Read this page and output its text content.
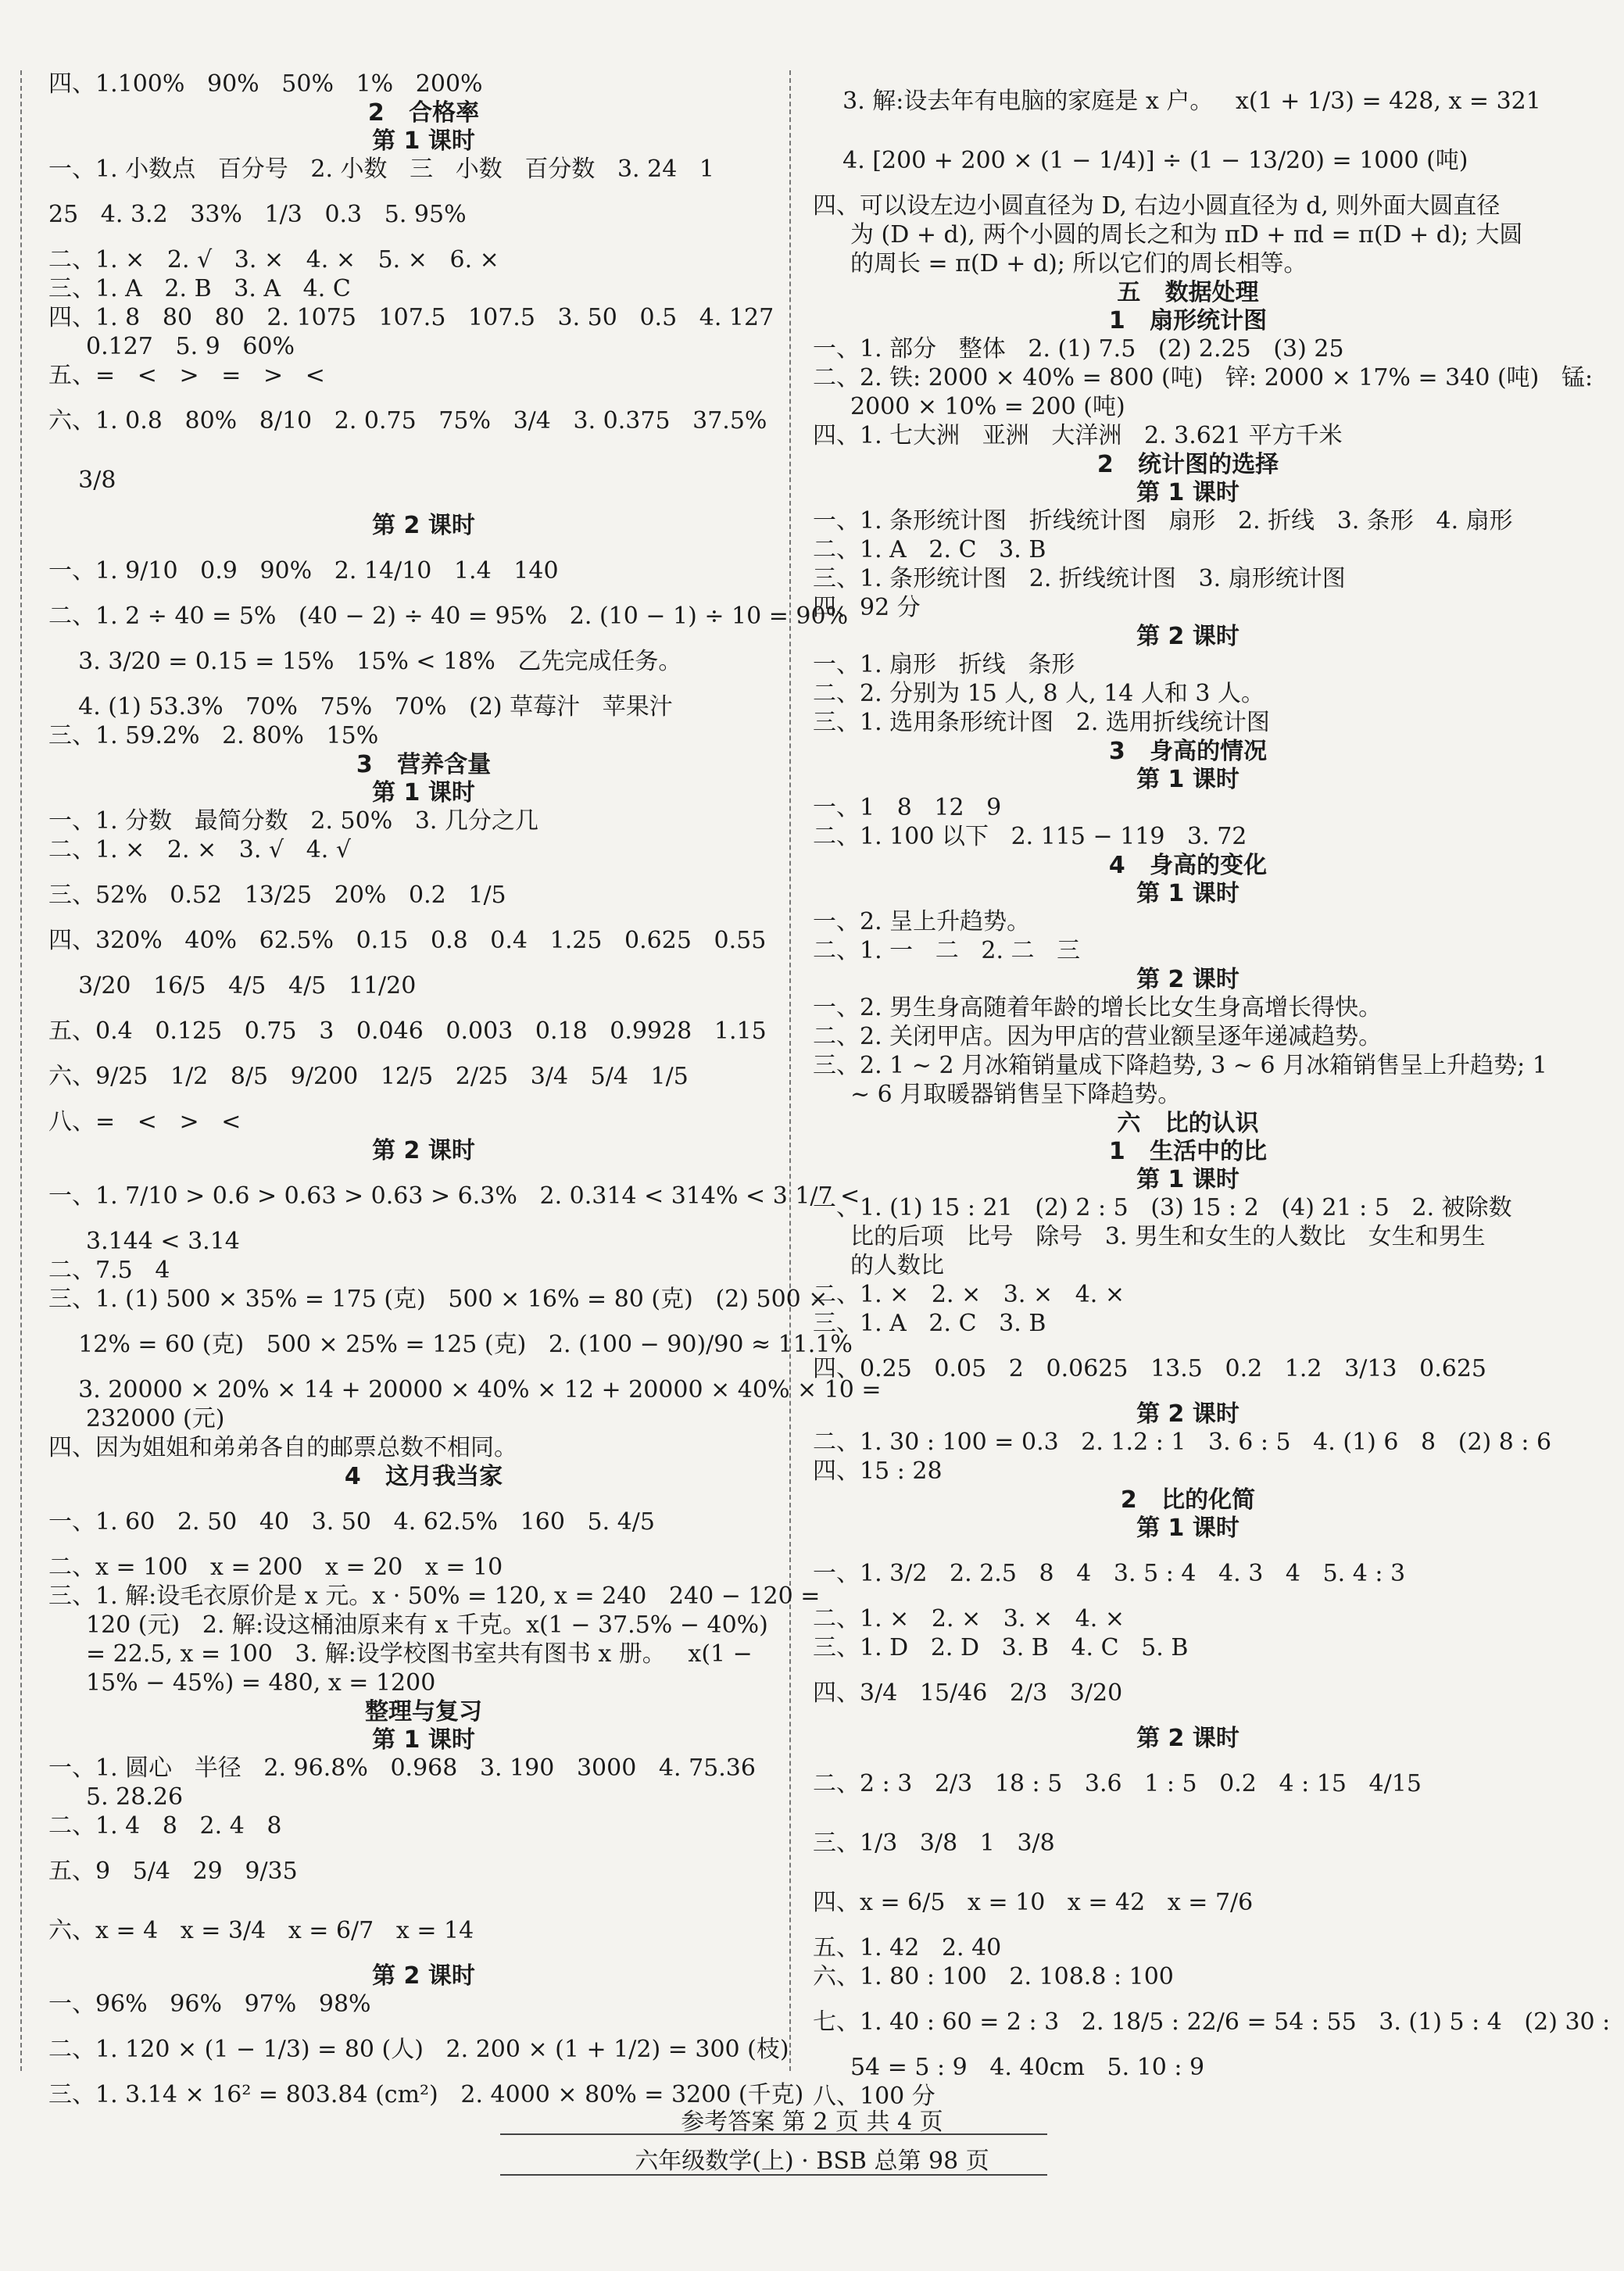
四、1.100%   90%   50%   1%   200%
2   合格率
第 1 课时
一、1. 小数点   百分号   2. 小数   三   小数   百分数   3. 24   1
25   4. 3.2   33%   1/3   0.3   5. 95%
二、1. ×   2. √   3. ×   4. ×   5. ×   6. ×
三、1. A   2. B   3. A   4. C
四、1. 8   80   80   2. 1075   107.5   107.5   3. 50   0.5   4. 127
0.127   5. 9   60%
五、=   <   >   =   >   <
六、1. 0.8   80%   8/10   2. 0.75   75%   3/4   3. 0.375   37.5%
3/8
第 2 课时
一、1. 9/10   0.9   90%   2. 14/10   1.4   140
二、1. 2 ÷ 40 = 5%   (40 − 2) ÷ 40 = 95%   2. (10 − 1) ÷ 10 = 90%
3. 3/20 = 0.15 = 15%   15% < 18%   乙先完成任务。
4. (1) 53.3%   70%   75%   70%   (2) 草莓汁   苹果汁
三、1. 59.2%   2. 80%   15%
3   营养含量
第 1 课时
一、1. 分数   最简分数   2. 50%   3. 几分之几
二、1. ×   2. ×   3. √   4. √
三、52%   0.52   13/25   20%   0.2   1/5
四、320%   40%   62.5%   0.15   0.8   0.4   1.25   0.625   0.55
3/20   16/5   4/5   4/5   11/20
五、0.4   0.125   0.75   3   0.046   0.003   0.18   0.9928   1.15
六、9/25   1/2   8/5   9/200   12/5   2/25   3/4   5/4   1/5
八、=   <   >   <
第 2 课时
一、1. 7/10 > 0.6 > 0.63 > 0.63 > 6.3%   2. 0.314 < 314% < 3 1/7 <
3.144 < 3.14
二、7.5   4
三、1. (1) 500 × 35% = 175 (克)   500 × 16% = 80 (克)   (2) 500 ×
12% = 60 (克)   500 × 25% = 125 (克)   2. (100 − 90)/90 ≈ 11.1%
3. 20000 × 20% × 14 + 20000 × 40% × 12 + 20000 × 40% × 10 =
232000 (元)
四、因为姐姐和弟弟各自的邮票总数不相同。
4   这月我当家
一、1. 60   2. 50   40   3. 50   4. 62.5%   160   5. 4/5
二、x = 100   x = 200   x = 20   x = 10
三、1. 解:设毛衣原价是 x 元。x · 50% = 120, x = 240   240 − 120 =
120 (元)   2. 解:设这桶油原来有 x 千克。x(1 − 37.5% − 40%)
= 22.5, x = 100   3. 解:设学校图书室共有图书 x 册。   x(1 −
15% − 45%) = 480, x = 1200
整理与复习
第 1 课时
一、1. 圆心   半径   2. 96.8%   0.968   3. 190   3000   4. 75.36
5. 28.26
二、1. 4   8   2. 4   8
五、9   5/4   29   9/35
六、x = 4   x = 3/4   x = 6/7   x = 14
第 2 课时
一、96%   96%   97%   98%
二、1. 120 × (1 − 1/3) = 80 (人)   2. 200 × (1 + 1/2) = 300 (枝)
三、1. 3.14 × 16² = 803.84 (cm²)   2. 4000 × 80% = 3200 (千克)
3. 解:设去年有电脑的家庭是 x 户。   x(1 + 1/3) = 428, x = 321
4. [200 + 200 × (1 − 1/4)] ÷ (1 − 13/20) = 1000 (吨)
四、可以设左边小圆直径为 D, 右边小圆直径为 d, 则外面大圆直径
为 (D + d), 两个小圆的周长之和为 πD + πd = π(D + d); 大圆
的周长 = π(D + d); 所以它们的周长相等。
五   数据处理
1   扇形统计图
一、1. 部分   整体   2. (1) 7.5   (2) 2.25   (3) 25
二、2. 铁: 2000 × 40% = 800 (吨)   锌: 2000 × 17% = 340 (吨)   锰:
2000 × 10% = 200 (吨)
四、1. 七大洲   亚洲   大洋洲   2. 3.621 平方千米
2   统计图的选择
第 1 课时
一、1. 条形统计图   折线统计图   扇形   2. 折线   3. 条形   4. 扇形
二、1. A   2. C   3. B
三、1. 条形统计图   2. 折线统计图   3. 扇形统计图
四、92 分
第 2 课时
一、1. 扇形   折线   条形
二、2. 分别为 15 人, 8 人, 14 人和 3 人。
三、1. 选用条形统计图   2. 选用折线统计图
3   身高的情况
第 1 课时
一、1   8   12   9
二、1. 100 以下   2. 115 − 119   3. 72
4   身高的变化
第 1 课时
一、2. 呈上升趋势。
二、1. 一   二   2. 二   三
第 2 课时
一、2. 男生身高随着年龄的增长比女生身高增长得快。
二、2. 关闭甲店。因为甲店的营业额呈逐年递减趋势。
三、2. 1 ~ 2 月冰箱销量成下降趋势, 3 ~ 6 月冰箱销售呈上升趋势; 1
~ 6 月取暖器销售呈下降趋势。
六   比的认识
1   生活中的比
第 1 课时
一、1. (1) 15 : 21   (2) 2 : 5   (3) 15 : 2   (4) 21 : 5   2. 被除数
比的后项   比号   除号   3. 男生和女生的人数比   女生和男生
的人数比
二、1. ×   2. ×   3. ×   4. ×
三、1. A   2. C   3. B
四、0.25   0.05   2   0.0625   13.5   0.2   1.2   3/13   0.625
第 2 课时
二、1. 30 : 100 = 0.3   2. 1.2 : 1   3. 6 : 5   4. (1) 6   8   (2) 8 : 6
四、15 : 28
2   比的化简
第 1 课时
一、1. 3/2   2. 2.5   8   4   3. 5 : 4   4. 3   4   5. 4 : 3
二、1. ×   2. ×   3. ×   4. ×
三、1. D   2. D   3. B   4. C   5. B
四、3/4   15/46   2/3   3/20
第 2 课时
二、2 : 3   2/3   18 : 5   3.6   1 : 5   0.2   4 : 15   4/15
三、1/3   3/8   1   3/8
四、x = 6/5   x = 10   x = 42   x = 7/6
五、1. 42   2. 40
六、1. 80 : 100   2. 108.8 : 100
七、1. 40 : 60 = 2 : 3   2. 18/5 : 22/6 = 54 : 55   3. (1) 5 : 4   (2) 30 :
54 = 5 : 9   4. 40cm   5. 10 : 9
八、100 分
参考答案 第 2 页 共 4 页
六年级数学(上) · BSB 总第 98 页
